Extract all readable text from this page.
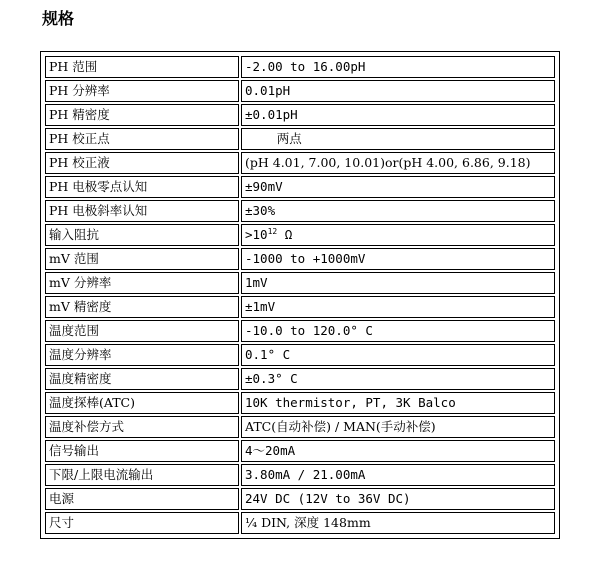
规格
PH 范围	-2.00 to 16.00pH
PH 分辨率	0.01pH
PH 精密度	±0.01pH
PH 校正点	两点
PH 校正液	(pH 4.01, 7.00, 10.01)or(pH 4.00, 6.86, 9.18)
PH 电极零点认知	±90mV
PH 电极斜率认知	±30%
输入阻抗	$>10^{12}$ Ω
mV 范围	-1000 to +1000mV
mV 分辨率	1mV
mV 精密度	±1mV
温度范围	-10.0 to 120.0° C
温度分辨率	0.1° C
温度精密度	±0.3° C
温度探棒(ATC)	10K thermistor, PT, 3K Balco
温度补偿方式	ATC(自动补偿) / MAN(手动补偿)
信号输出	4～20mA
下限/上限电流输出	3.80mA / 21.00mA
电源	24V DC (12V to 36V DC)
尺寸	¼ DIN, 深度 148mm
